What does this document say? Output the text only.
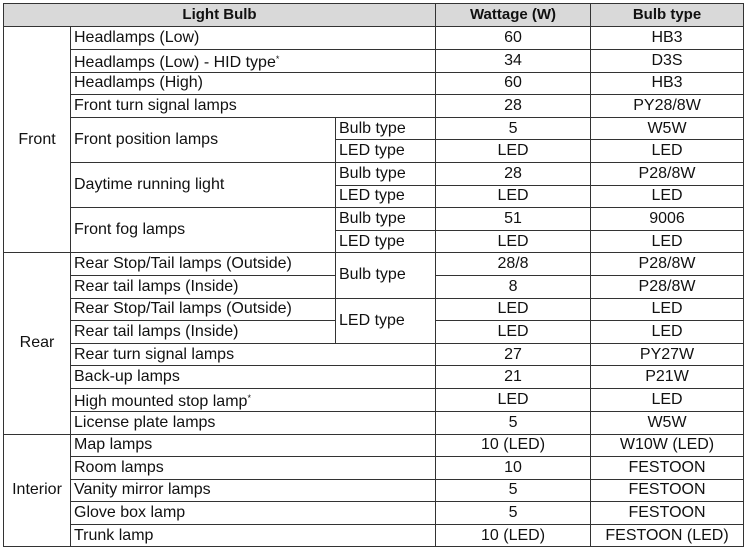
Light Bulb			Wattage (W)	Bulb type
Front	Headlamps (Low)		60	HB3
	Headlamps (Low) - HID type*		34	D3S
	Headlamps (High)		60	HB3
	Front turn signal lamps		28	PY28/8W
	Front position lamps	Bulb type	5	W5W
		LED type	LED	LED
	Daytime running light	Bulb type	28	P28/8W
		LED type	LED	LED
	Front fog lamps	Bulb type	51	9006
		LED type	LED	LED
Rear	Rear Stop/Tail lamps (Outside)	Bulb type	28/8	P28/8W
	Rear tail lamps (Inside)		8	P28/8W
	Rear Stop/Tail lamps (Outside)	LED type	LED	LED
	Rear tail lamps (Inside)		LED	LED
	Rear turn signal lamps		27	PY27W
	Back-up lamps		21	P21W
	High mounted stop lamp*		LED	LED
	License plate lamps		5	W5W
Interior	Map lamps		10 (LED)	W10W (LED)
	Room lamps		10	FESTOON
	Vanity mirror lamps		5	FESTOON
	Glove box lamp		5	FESTOON
	Trunk lamp		10 (LED)	FESTOON (LED)
